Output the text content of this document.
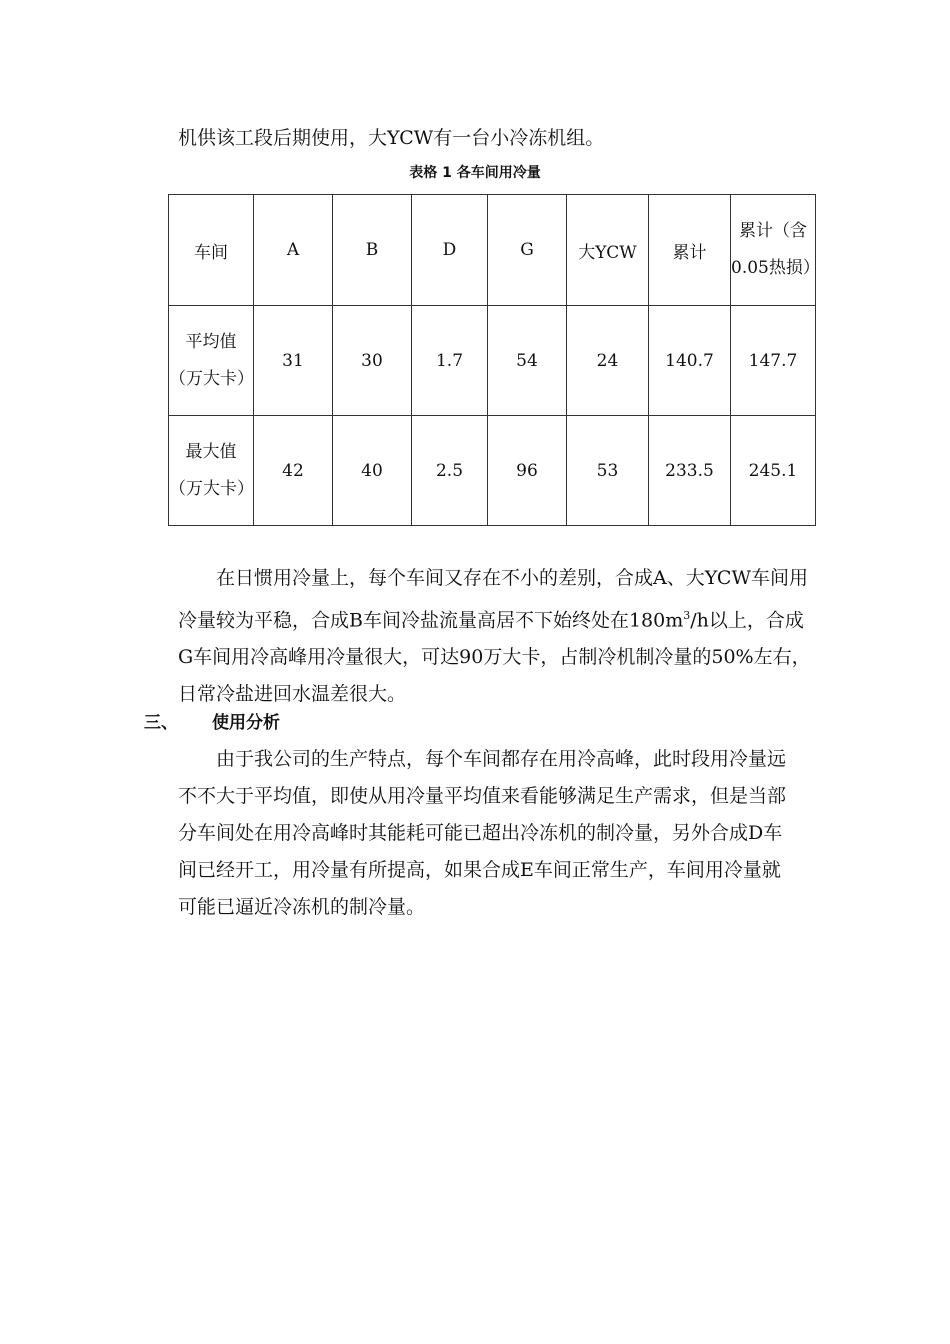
机供该工段后期使用，大YCW有一台小冷冻机组。
表格 1 各车间用冷量
车间	A	B	D	G	大YCW	累计	累计（含0.05热损）
平均值（万大卡）	31	30	1.7	54	24	140.7	147.7
最大值（万大卡）	42	40	2.5	96	53	233.5	245.1
在日惯用冷量上，每个车间又存在不小的差别，合成A、大YCW车间用
冷量较为平稳，合成B车间冷盐流量高居不下始终处在$180m^3/h$以上，合成
G车间用冷高峰用冷量很大，可达90万大卡，占制冷机制冷量的50%左右，
日常冷盐进回水温差很大。
三、 使用分析
由于我公司的生产特点，每个车间都存在用冷高峰，此时段用冷量远
不不大于平均值，即使从用冷量平均值来看能够满足生产需求，但是当部
分车间处在用冷高峰时其能耗可能已超出冷冻机的制冷量，另外合成D车
间已经开工，用冷量有所提高，如果合成E车间正常生产，车间用冷量就
可能已逼近冷冻机的制冷量。
